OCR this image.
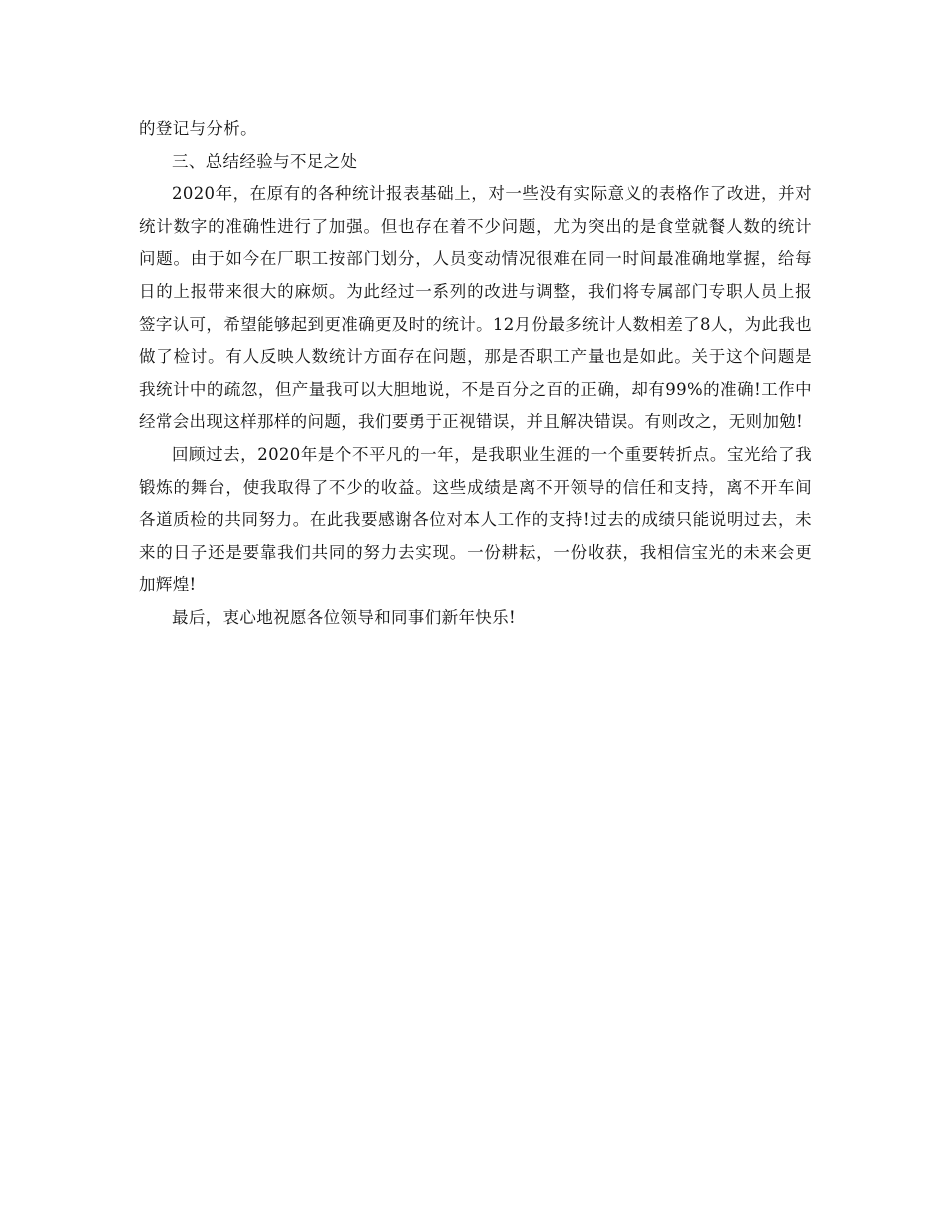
的登记与分析。

三、总结经验与不足之处

2020年，在原有的各种统计报表基础上，对一些没有实际意义的表格作了改进，并对统计数字的准确性进行了加强。但也存在着不少问题，尤为突出的是食堂就餐人数的统计问题。由于如今在厂职工按部门划分，人员变动情况很难在同一时间最准确地掌握，给每日的上报带来很大的麻烦。为此经过一系列的改进与调整，我们将专属部门专职人员上报签字认可，希望能够起到更准确更及时的统计。12月份最多统计人数相差了8人，为此我也做了检讨。有人反映人数统计方面存在问题，那是否职工产量也是如此。关于这个问题是我统计中的疏忽，但产量我可以大胆地说，不是百分之百的正确，却有99%的准确!工作中经常会出现这样那样的问题，我们要勇于正视错误，并且解决错误。有则改之，无则加勉!

回顾过去，2020年是个不平凡的一年，是我职业生涯的一个重要转折点。宝光给了我锻炼的舞台，使我取得了不少的收益。这些成绩是离不开领导的信任和支持，离不开车间各道质检的共同努力。在此我要感谢各位对本人工作的支持!过去的成绩只能说明过去，未来的日子还是要靠我们共同的努力去实现。一份耕耘，一份收获，我相信宝光的未来会更加辉煌!

最后，衷心地祝愿各位领导和同事们新年快乐!
